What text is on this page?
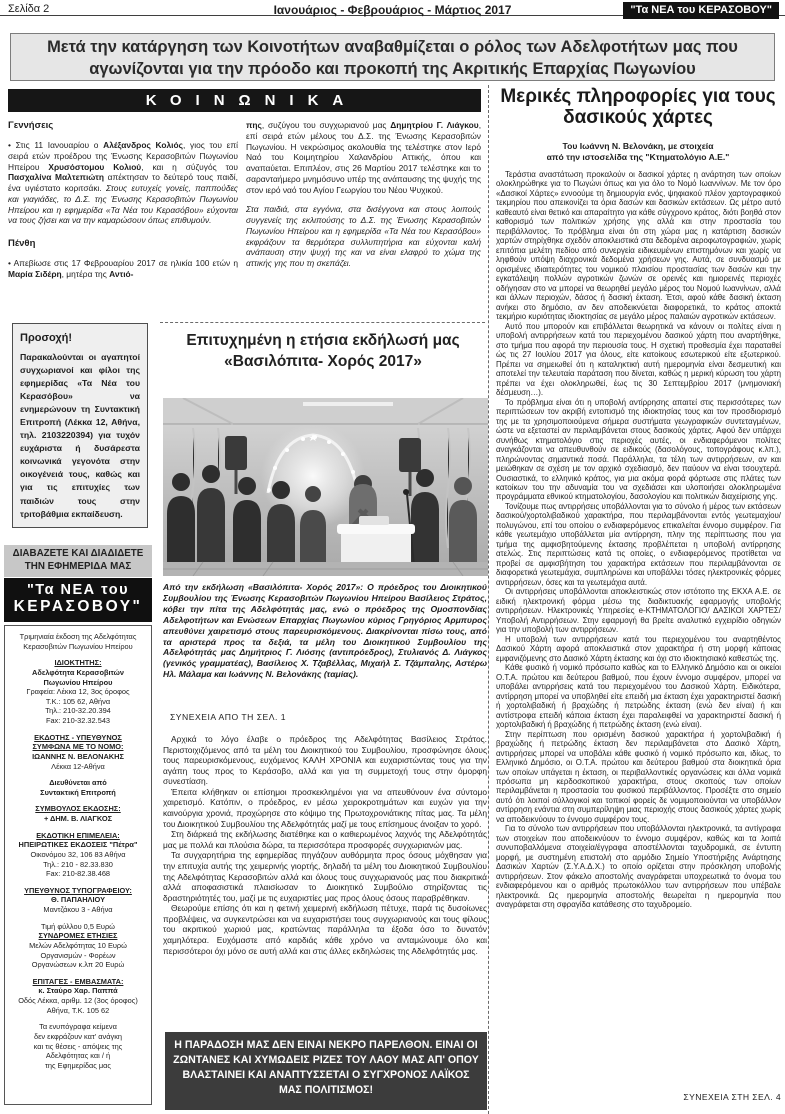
Σελίδα 2	Ιανουάριος - Φεβρουάριος - Μάρτιος 2017	"Τα ΝΕΑ του ΚΕΡΑΣΟΒΟΥ"
Μετά την κατάργηση των Κοινοτήτων αναβαθμίζεται ο ρόλος των Αδελφοτήτων μας που αγωνίζονται για την πρόοδο και προκοπή της Ακριτικής Επαρχίας Πωγωνίου
ΚΟΙΝΩΝΙΚΑ
Γεννήσεις

• Στις 11 Ιανουαρίου ο Αλέξανδρος Κολιός, γιος του επί σειρά ετών προέδρου της Ένωσης Κερασοβιτών Πωγωνίου Ηπείρου Χρυσόστομου Κολιού, και η σύζυγός του Πασχαλίνα Μαλτεπιώτη απέκτησαν το δεύτερό τους παιδί, ένα υγιέστατο κοριτσάκι. Στους ευτυχείς γονείς, παππούδες και γιαγιάδες, το Δ.Σ. της Ένωσης Κερασοβιτών Πωγωνίου Ηπείρου και η εφημερίδα «Τα Νέα του Κερασόβου» εύχονται να τους ζήσει και να την καμαρώσουν όπως επιθυμούν.

Πένθη

• Απεβίωσε στις 17 Φεβρουαρίου 2017 σε ηλικία 100 ετών η Μαρία Σιδέρη, μητέρα της Αντιό-

πης, συζύγου του συγχωριανού μας Δημητρίου Γ. Λιάγκου, επί σειρά ετών μέλους του Δ.Σ. της Ένωσης Κερασοβιτών Πωγωνίου. Η νεκρώσιμος ακολουθία της τελέστηκε στον Ιερό Ναό του Κοιμητηρίου Χαλανδρίου Αττικής, όπου και αναπαύεται. Επιπλέον, στις 26 Μαρτίου 2017 τελέστηκε και το σαρανταήμερο μνημόσυνο υπέρ της ανάπαυσης της ψυχής της στον ιερό ναό του Αγίου Γεωργίου του Νέου Ψυχικού.

Στα παιδιά, στα εγγόνια, στα δισέγγονα και στους λοιπούς συγγενείς της εκλιπούσης το Δ.Σ. της Ένωσης Κερασοβιτών Πωγωνίου Ηπείρου και η εφημερίδα «Τα Νέα του Κερασόβου» εκφράζουν τα θερμότερα συλλυπητήρια και εύχονται καλή ανάπαυση στην ψυχή της και να είναι ελαφρύ το χώμα της αττικής γης που τη σκεπάζει.

Προσοχή!
Παρακαλούνται οι αγαπητοί συγχωριανοί και φίλοι της εφημερίδας «Τα Νέα του Κερασόβου» να ενημερώνουν τη Συντακτική Επιτροπή (Λέκκα 12, Αθήνα, τηλ. 2103220394) για τυχόν ευχάριστα ή δυσάρεστα κοινωνικά γεγονότα στην οικογένειά τους, καθώς και για τις επιτυχίες των παιδιών τους στην τριτοβάθμια εκπαίδευση.
ΔΙΑΒΑΖΕΤΕ ΚΑΙ ΔΙΑΔΙΔΕΤΕ ΤΗΝ ΕΦΗΜΕΡΙΔΑ ΜΑΣ
"Τα ΝΕΑ του
ΚΕΡΑΣΟΒΟΥ"
Τριμηνιαία έκδοση της Αδελφότητας
Κερασοβιτών Πωγωνίου Ηπείρου
ΙΔΙΟΚΤΗΤΗΣ:
Αδελφότητα Κερασοβιτών
Πωγωνίου Ηπείρου
Γραφεία: Λέκκα 12, 3ος όροφος
Τ.Κ.: 105 62, Αθήνα
Τηλ.: 210-32.20.394
Fax: 210-32.32.543
ΕΚΔΟΤΗΣ - ΥΠΕΥΘΥΝΟΣ
ΣΥΜΦΩΝΑ ΜΕ ΤΟ ΝΟΜΟ:
ΙΩΑΝΝΗΣ Ν. ΒΕΛΟΝΑΚΗΣ
Λέκκα 12-Αθήνα
Διευθύνεται από
Συντακτική Επιτροπή
ΣΥΜΒΟΥΛΟΣ ΕΚΔΟΣΗΣ:
+ ΔΗΜ. Β. ΛΙΑΓΚΟΣ
ΕΚΔΟΤΙΚΗ ΕΠΙΜΕΛΕΙΑ:
ΗΠΕΙΡΩΤΙΚΕΣ ΕΚΔΟΣΕΙΣ "Πέτρα"
Οικονόμου 32, 106 83 Αθήνα
Τηλ.: 210 - 82.33.830
Fax: 210-82.38.468
ΥΠΕΥΘΥΝΟΣ ΤΥΠΟΓΡΑΦΕΙΟΥ:
Θ. ΠΑΠΑΗΛΙΟΥ
Μαντζάκου 3 - Αθήνα
Τιμή φύλλου 0,5 Ευρώ
ΣΥΝΔΡΟΜΕΣ ΕΤΗΣΙΕΣ
Μελών Αδελφότητας 10 Ευρώ
Οργανισμών - Φορέων
Οργανώσεων κ.λπ 20 Ευρώ
ΕΠΙΤΑΓΕΣ - ΕΜΒΑΣΜΑΤΑ:
κ. Σταύρο Χαρ. Παππά
Οδός Λέκκα, αριθμ. 12 (3ος όροφος)
Αθήνα, Τ.Κ. 105 62
Τα ενυπόγραφα κείμενα
δεν εκφράζουν κατ' ανάγκη
και τις θέσεις - απόψεις της
Αδελφότητας και / ή
της Εφημερίδας μας
Επιτυχημένη η ετήσια εκδήλωσή μας «Βασιλόπιτα- Χορός 2017»
Από την εκδήλωση «Βασιλόπιτα- Χορός 2017»: Ο πρόεδρος του Διοικητικού Συμβουλίου της Ένωσης Κερασοβιτών Πωγωνίου Ηπείρου Βασίλειος Στράτος, κόβει την πίτα της Αδελφότητάς μας, ενώ ο πρόεδρος της Ομοσπονδίας Αδελφοτήτων και Ενώσεων Επαρχίας Πωγωνίου κύριος Γρηγόριος Αρμπυρος απευθύνει χαιρετισμό στους παρευρισκόμενους. Διακρίνονται πίσω τους, από τα αριστερά προς τα δεξιά, τα μέλη του Διοικητικού Συμβουλίου της Αδελφότητάς μας Δημήτριος Γ. Λιόσης (αντιπρόεδρος), Στυλιανός Δ. Λιάγκος (γενικός γραμματέας), Βασίλειος Χ. Τζαβέλλας, Μιχαήλ Σ. Τζάμπαλης, Αστέρω Ηλ. Μάλαμα και Ιωάννης Ν. Βελονάκης (ταμίας).
ΣΥΝΕΧΕΙΑ ΑΠΟ ΤΗ ΣΕΛ. 1

Αρχικά το λόγο έλαβε ο πρόεδρος της Αδελφότητας Βασίλειος Στράτος. Περιστοιχιζόμενος από τα μέλη του Διοικητικού του Συμβουλίου, προσφώνησε όλους τους παρευρισκόμενους, ευχόμενος ΚΑΛΗ ΧΡΟΝΙΑ και ευχαριστώντας τους για την αγάπη τους προς το Κεράσοβο, αλλά και για τη συμμετοχή τους στην όμορφη συνεστίαση.

Έπειτα κλήθηκαν οι επίσημοι προσκεκλημένοι για να απευθύνουν ένα σύντομο χαιρετισμό. Κατόπιν, ο πρόεδρος, εν μέσω χειροκροτημάτων και ευχών για την καινούργια χρονιά, προχώρησε στο κόψιμο της Πρωτοχρονιάτικης πίτας μας. Τα μέλη του Διοικητικού Συμβουλίου της Αδελφότητάς μαζί με τους επίσημους άνοιξαν το χορό.

Στη διάρκειά της εκδήλωσης διατέθηκε και ο καθιερωμένος λαχνός της Αδελφότητάς μας με πολλά και πλούσια δώρα, τα περισσότερα προσφορές συγχωριανών μας.

Τα συγχαρητήρια της εφημερίδας πηγάζουν αυθόρμητα προς όσους μόχθησαν για την επιτυχία αυτής της χειμερινής γιορτής, δηλαδή τα μέλη του Διοικητικού Συμβουλίου της Αδελφότητας Κερασοβιτών αλλά και όλους τους συγχωριανούς μας που διακριτικά αλλά αποφασιστικά πλαισίωσαν το Διοικητικό Συμβούλιο στηρίζοντας τις δραστηριότητές του, μαζί με τις ευχαριστίες μας προς όλους όσους παραβρέθηκαν.

Θεωρούμε επίσης ότι και η φετινή χειμερινή εκδήλωση πέτυχε, παρά τις δυσοίωνες προβλέψεις, να συγκεντρώσει και να ευχαριστήσει τους συγχωριανούς και τους φίλους του ακριτικού χωριού μας, κρατώντας παράλληλα τα έξοδα όσο το δυνατόν χαμηλότερα. Ευχόμαστε από καρδιάς κάθε χρόνο να ανταμώνουμε όλο και περισσότεροι όχι μόνο σε αυτή αλλά και στις άλλες εκδηλώσεις της Αδελφότητάς μας.

Η ΠΑΡΑΔΟΣΗ ΜΑΣ ΔΕΝ ΕΙΝΑΙ ΝΕΚΡΟ ΠΑΡΕΛΘΟΝ. ΕΙΝΑΙ ΟΙ ΖΩΝΤΑΝΕΣ ΚΑΙ ΧΥΜΩΔΕΙΣ ΡΙΖΕΣ ΤΟΥ ΛΑΟΥ ΜΑΣ ΑΠ' ΟΠΟΥ ΒΛΑΣΤΑΙΝΕΙ ΚΑΙ ΑΝΑΠΤΥΣΣΕΤΑΙ Ο ΣΥΓΧΡΟΝΟΣ ΛΑΪΚΟΣ ΜΑΣ ΠΟΛΙΤΙΣΜΟΣ!
Μερικές πληροφορίες για τους δασικούς χάρτες
Του Ιωάννη Ν. Βελονάκη, με στοιχεία
από την ιστοσελίδα της "Κτηματολόγιο Α.Ε."

Τεράστια αναστάτωση προκαλούν οι δασικοί χάρτες η ανάρτηση των οποίων ολοκληρώθηκε για το Πωγώνι όπως και για όλο το Νομό Ιωαννίνων. Με τον όρο «Δασικοί Χάρτες» εννοούμε τη δημιουργία ενός, ψηφιακού πλέον χαρτογραφικού τεκμηρίου που απεικονίζει τα όρια δασών και δασικών εκτάσεων. Ως μέτρο αυτό καθεαυτό είναι θετικό και απαραίτητο για κάθε σύγχρονο κράτος, διότι βοηθά στον καθορισμό των πολιτικών χρήσης γης αλλά και στην προστασία του περιβάλλοντος. Το πρόβλημα είναι ότι στη χώρα μας η κατάρτιση δασικών χαρτών στηρίχθηκε σχεδόν αποκλειστικά στα δεδομένα αεροφωτογραφιών, χωρίς επιτόπια μελέτη πεδίου από συνεργεία ειδικευμένων επιστημόνων και χωρίς να ληφθούν υπόψη διαχρονικά δεδομένα χρήσεων γης. Αυτά, σε συνδυασμό με ορισμένες ιδιαιτερότητες του νομικού πλαισίου προστασίας των δασών και την εγκατάλειψη πολλών αγροτικών ζωνών σε ορεινές και ημιορεινές περιοχές οδήγησαν στο να μπορεί να θεωρηθεί μεγάλο μέρος του Νομού Ιωαννίνων, αλλά και άλλων περιοχών, δάσος ή δασική έκταση. Έτσι, αφού κάθε δασική έκταση ανήκει στο δημόσιο, αν δεν αποδεικνύεται διαφορετικά, το κράτος αποκτά τεκμήριο κυριότητας ιδιοκτησίας σε μεγάλο μέρος παλαιών αγροτικών εκτάσεων.

Αυτό που μπορούν και επιβάλλεται θεωρητικά να κάνουν οι πολίτες είναι η υποβολή αντιρρήσεων κατά του περιεχομένου δασικού χάρτη που αναρτήθηκε, στο τμήμα που αφορά την περιουσία τους. Η σχετική προθεσμία έχει παραταθεί ώς τις 27 Ιουλίου 2017 για όλους, είτε κατοίκους εσωτερικού είτε εξωτερικού. Πρέπει να σημειωθεί ότι η καταληκτική αυτή ημερομηνία είναι δεσμευτική και αποτελεί την τελευταία παράταση που δίνεται, καθώς η μερική κύρωση του χάρτη πρέπει να έχει ολοκληρωθεί, έως τις 30 Σεπτεμβρίου 2017 (μνημονιακή δέσμευση…).

Το πρόβλημα είναι ότι η υποβολή αντίρρησης απαιτεί στις περισσότερες των περιπτώσεων τον ακριβή εντοπισμό της ιδιοκτησίας τους και τον προσδιορισμό της με τα χρησιμοποιούμενα σήμερα συστήματα γεωγραφικών συντεταγμένων, ώστε να εξεταστεί αν περιλαμβάνεται στους δασικούς χάρτες. Αφού δεν υπάρχει συνήθως κτηματολόγιο στις περιοχές αυτές, οι ενδιαφερόμενοι πολίτες αναγκάζονται να απευθυνθούν σε ειδικούς (δασολόγους, τοπογράφους κ.λπ.), πληρώνοντας σημαντικά ποσά. Παράλληλα, τα τέλη των αντιρρήσεων, αν και μειώθηκαν σε σχέση με τον αρχικό σχεδιασμό, δεν παύουν να είναι τσουχτερά. Ουσιαστικά, το ελληνικό κράτος, για μια ακόμα φορά φόρτωσε στις πλάτες των κατοίκων του την αδυναμία του να σχεδιάσει και υλοποιήσει ολοκληρωμένα προγράμματα εθνικού κτηματολογίου, δασολογίου και πολιτικών διαχείρισης γης.

Τονίζουμε πως αντιρρήσεις υποβάλλονται για το σύνολο ή μέρος των εκτάσεων δασικού/χορτολιβαδικού χαρακτήρα, που περιλαμβάνονται εντός γεωτεμαχίου/ πολυγώνου, επί του οποίου ο ενδιαφερόμενος επικαλείται έννομο συμφέρον. Για κάθε γεωτεμάχιο υποβάλλεται μία αντίρρηση, πλην της περίπτωσης που για τμήμα της αμφισβητούμενης έκτασης προβλέπεται η υποβολή αντίρρησης ατελώς. Στις περιπτώσεις κατά τις οποίες, ο ενδιαφερόμενος προτίθεται να προβεί σε αμφισβήτηση του χαρακτήρα εκτάσεων που περιλαμβάνονται σε διαφορετικά γεωτεμάχια, συμπληρώνει και υποβάλλει τόσες ηλεκτρονικές φόρμες αντιρρήσεων, όσες και τα γεωτεμάχια αυτά.

Οι αντιρρήσεις υποβάλλονται αποκλειστικώς στον ιστότοπο της ΕΚΧΑ Α.Ε. σε ειδική ηλεκτρονική φόρμα μέσω της διαδικτυακής εφαρμογής υποβολής αντιρρήσεων. Ηλεκτρονικές Υπηρεσίες e-ΚΤΗΜΑΤΟΛΟΓΙΟ/ ΔΑΣΙΚΟΙ ΧΑΡΤΕΣ/ Υποβολή Αντιρρήσεων. Στην εφαρμογή θα βρείτε αναλυτικό εγχειρίδιο οδηγιών για την υποβολή των αντιρρήσεων.

Η υποβολή των αντιρρήσεων κατά του περιεχομένου του αναρτηθέντος Δασικού Χάρτη αφορά αποκλειστικά στον χαρακτήρα ή στη μορφή κάποιας εμφανιζόμενης στο Δασικό Χάρτη έκτασης και όχι στο ιδιοκτησιακό καθεστώς της.

Κάθε φυσικό ή νομικό πρόσωπο καθώς και το Ελληνικό Δημόσιο και οι οικείοι Ο.Τ.Α. πρώτου και δεύτερου βαθμού, που έχουν έννομο συμφέρον, μπορεί να υποβάλει αντιρρήσεις κατά του περιεχομένου του Δασικού Χάρτη. Ειδικότερα, αντίρρηση μπορεί να υποβληθεί είτε επειδή μια έκταση έχει χαρακτηριστεί δασική ή χορτολιβαδική ή βραχώδης ή πετρώδης έκταση (ενώ δεν είναι) ή και αντίστροφα επειδή κάποια έκταση έχει παραλειφθεί να χαρακτηριστεί δασική ή χορτολιβαδική ή βραχώδης ή πετρώδης έκταση (ενώ είναι).

Στην περίπτωση που ορισμένη δασικού χαρακτήρα ή χορτολιβαδική ή βραχώδης ή πετρώδης έκταση δεν περιλαμβάνεται στο Δασικό Χάρτη, αντιρρήσεις μπορεί να υποβάλει κάθε φυσικό ή νομικό πρόσωπο και, ιδίως, το Ελληνικό Δημόσιο, οι Ο.Τ.Α. πρώτου και δεύτερου βαθμού στα διοικητικά όρια των οποίων υπάγεται η έκταση, οι περιβαλλοντικές οργανώσεις και άλλα νομικά πρόσωπα μη κερδοσκοπικού χαρακτήρα, στους σκοπούς των οποίων περιλαμβάνεται η προστασία του φυσικού περιβάλλοντος. Προσέξτε στο σημείο αυτό ότι λοιποί σύλλογικοί και τοπικοί φορείς δε νομιμοποιούνται να υποβάλλον αντίρρηση ενάντια στη συμπερίληψη μιας περιοχής στους δασικούς χάρτες χωρίς να αποδεικνύουν το έννομο συμφέρον τους.

Για το σύνολο των αντιρρήσεων που υποβάλλονται ηλεκτρονικά, τα αντίγραφα των στοιχείων που αποδεικνύουν το έννομο συμφέρον, καθώς και τα λοιπά συνυποβαλλόμενα στοιχεία/έγγραφα αποστέλλονται ταχυδρομικά, σε έντυπη μορφή, με συστημένη επιστολή στο αρμόδιο Σημείο Υποστήριξης Ανάρτησης Δασικών Χαρτών (Σ.Υ.Α.Δ.Χ.) το οποίο ορίζεται στην πρόσκληση υποβολής αντιρρήσεων. Στον φάκελο αποστολής αναγράφεται υποχρεωτικά το όνομα του ενδιαφερόμενου και ο αριθμός πρωτοκόλλου των αντιρρήσεων που υπέβαλε ηλεκτρονικά. Ως ημερομηνία αποστολής θεωρείται η ημερομηνία που αναγράφεται στη σφραγίδα κατάθεσης στο ταχυδρομείο.

ΣΥΝΕΧΕΙΑ ΣΤΗ ΣΕΛ. 4
